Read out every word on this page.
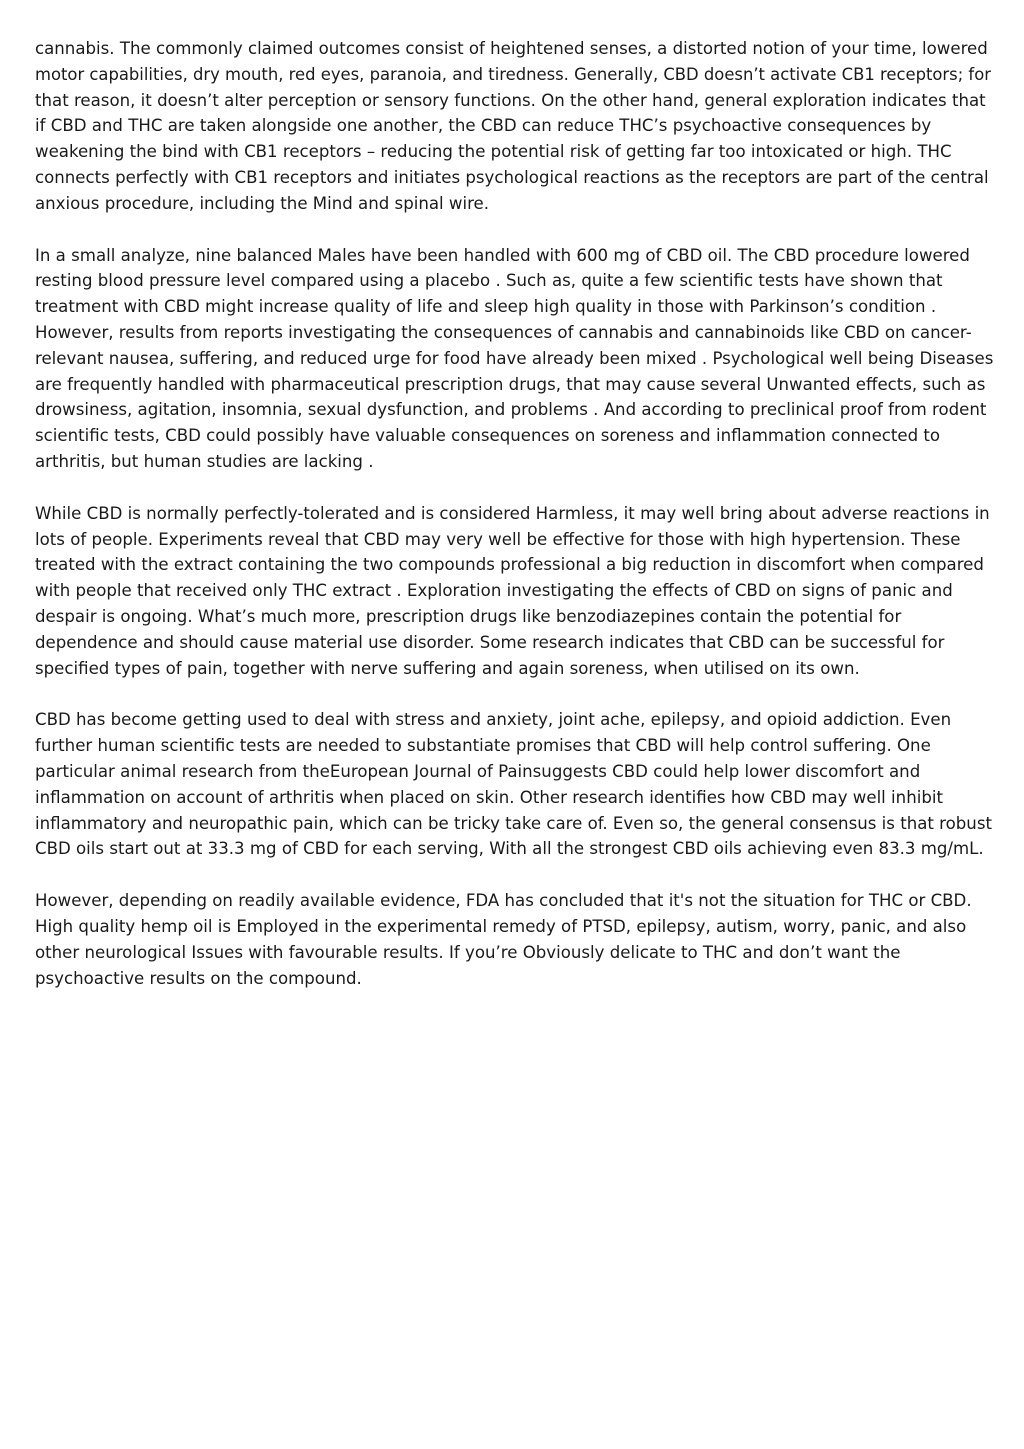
cannabis. The commonly claimed outcomes consist of heightened senses, a distorted notion of your time, lowered
motor capabilities, dry mouth, red eyes, paranoia, and tiredness. Generally, CBD doesn’t activate CB1 receptors; for
that reason, it doesn’t alter perception or sensory functions. On the other hand, general exploration indicates that
if CBD and THC are taken alongside one another, the CBD can reduce THC’s psychoactive consequences by
weakening the bind with CB1 receptors – reducing the potential risk of getting far too intoxicated or high. THC
connects perfectly with CB1 receptors and initiates psychological reactions as the receptors are part of the central
anxious procedure, including the Mind and spinal wire.

In a small analyze, nine balanced Males have been handled with 600 mg of CBD oil. The CBD procedure lowered
resting blood pressure level compared using a placebo . Such as, quite a few scientific tests have shown that
treatment with CBD might increase quality of life and sleep high quality in those with Parkinson’s condition .
However, results from reports investigating the consequences of cannabis and cannabinoids like CBD on cancer-
relevant nausea, suffering, and reduced urge for food have already been mixed . Psychological well being Diseases
are frequently handled with pharmaceutical prescription drugs, that may cause several Unwanted effects, such as
drowsiness, agitation, insomnia, sexual dysfunction, and problems . And according to preclinical proof from rodent
scientific tests, CBD could possibly have valuable consequences on soreness and inflammation connected to
arthritis, but human studies are lacking .

While CBD is normally perfectly-tolerated and is considered Harmless, it may well bring about adverse reactions in
lots of people. Experiments reveal that CBD may very well be effective for those with high hypertension. These
treated with the extract containing the two compounds professional a big reduction in discomfort when compared
with people that received only THC extract . Exploration investigating the effects of CBD on signs of panic and
despair is ongoing. What’s much more, prescription drugs like benzodiazepines contain the potential for
dependence and should cause material use disorder. Some research indicates that CBD can be successful for
specified types of pain, together with nerve suffering and again soreness, when utilised on its own.

CBD has become getting used to deal with stress and anxiety, joint ache, epilepsy, and opioid addiction. Even
further human scientific tests are needed to substantiate promises that CBD will help control suffering. One
particular animal research from theEuropean Journal of Painsuggests CBD could help lower discomfort and
inflammation on account of arthritis when placed on skin. Other research identifies how CBD may well inhibit
inflammatory and neuropathic pain, which can be tricky take care of. Even so, the general consensus is that robust
CBD oils start out at 33.3 mg of CBD for each serving, With all the strongest CBD oils achieving even 83.3 mg/mL.

However, depending on readily available evidence, FDA has concluded that it's not the situation for THC or CBD.
High quality hemp oil is Employed in the experimental remedy of PTSD, epilepsy, autism, worry, panic, and also
other neurological Issues with favourable results. If you’re Obviously delicate to THC and don’t want the
psychoactive results on the compound.
